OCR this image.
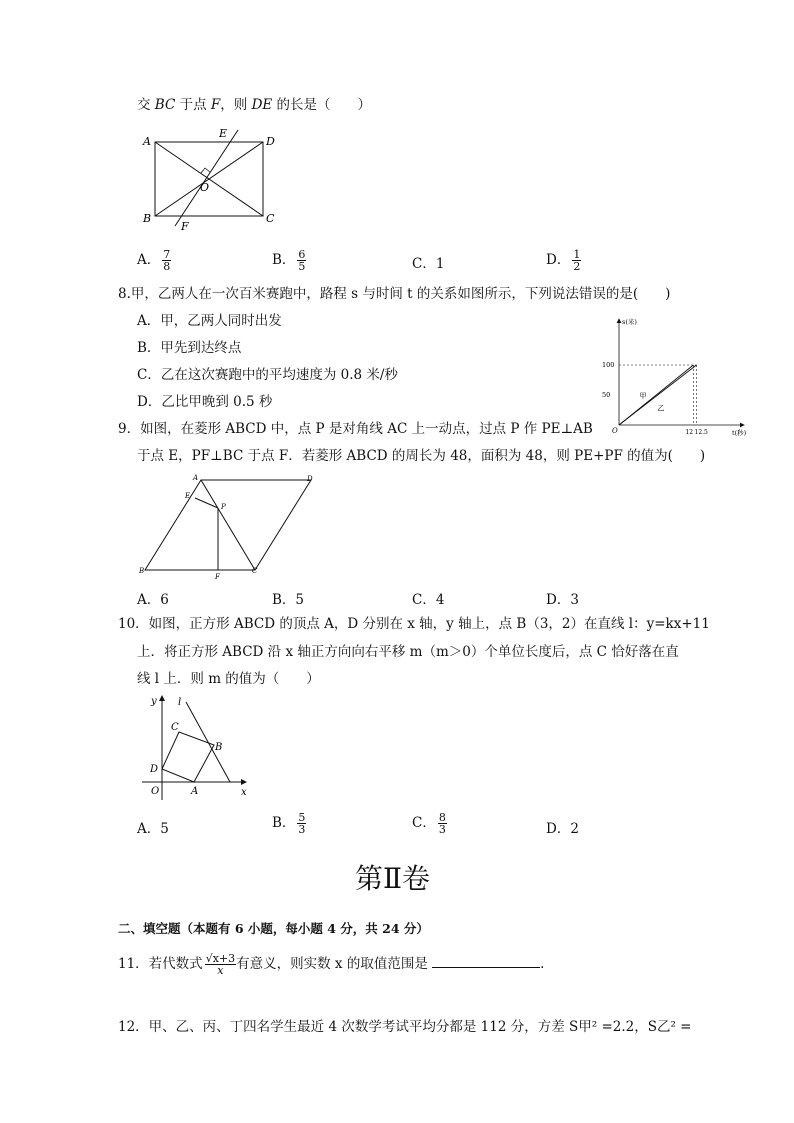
交 BC 于点 F，则 DE 的长是（　　）
A	D
B	C
E
F
O
A． $\frac{7}{8}$	B． $\frac{6}{5}$	C．1	D． $\frac{1}{2}$
8.甲，乙两人在一次百米赛跑中，路程 s 与时间 t 的关系如图所示，下列说法错误的是(　　)
A．甲，乙两人同时出发
B．甲先到达终点
C．乙在这次赛跑中的平均速度为 0.8 米/秒
D．乙比甲晚到 0.5 秒
s(米)
t(秒)
O
100
50
12 12.5
甲
乙
9．如图，在菱形 ABCD 中，点 P 是对角线 AC 上一动点，过点 P 作 PE⊥AB
于点 E，PF⊥BC 于点 F．若菱形 ABCD 的周长为 48，面积为 48，则 PE+PF 的值为(　　)
A	D
E
P
B
F
C
A．6	B．5	C．4	D．3
10．如图，正方形 ABCD 的顶点 A，D 分别在 x 轴，y 轴上，点 B（3，2）在直线 l：y=kx+11
上．将正方形 ABCD 沿 x 轴正方向向右平移 m（m＞0）个单位长度后，点 C 恰好落在直
线 l 上．则 m 的值为（　　）
y l
C
B
D
O	A	x
A．5	B． $\frac{5}{3}$	C． $\frac{8}{3}$	D．2
第Ⅱ卷
二、填空题（本题有 6 小题，每小题 4 分，共 24 分）
11．若代数式 $\frac{√x+3}{x}$ 有意义，则实数 x 的取值范围是	.
12．甲、乙、丙、丁四名学生最近 4 次数学考试平均分都是 112 分，方差 S甲² =2.2，S乙² =
